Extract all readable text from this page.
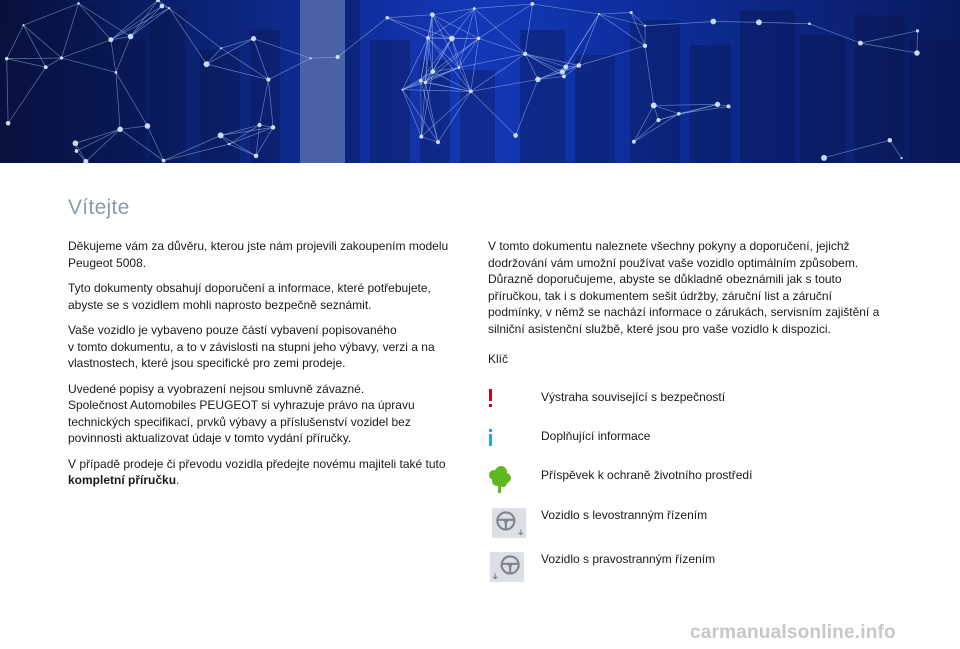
Vítejte

Děkujeme vám za důvěru, kterou jste nám projevili zakoupením modelu Peugeot 5008.

Tyto dokumenty obsahují doporučení a informace, které potřebujete, abyste se s vozidlem mohli naprosto bezpečně seznámit.

Vaše vozidlo je vybaveno pouze částí vybavení popisovaného
v tomto dokumentu, a to v závislosti na stupni jeho výbavy, verzi a na vlastnostech, které jsou specifické pro zemi prodeje.

Uvedené popisy a vyobrazení nejsou smluvně závazné.
Společnost Automobiles PEUGEOT si vyhrazuje právo na úpravu technických specifikací, prvků výbavy a příslušenství vozidel bez povinnosti aktualizovat údaje v tomto vydání příručky.

V případě prodeje či převodu vozidla předejte novému majiteli také tuto kompletní příručku.

V tomto dokumentu naleznete všechny pokyny a doporučení, jejichž dodržování vám umožní používat vaše vozidlo optimálním způsobem. Důrazně doporučujeme, abyste se důkladně obeznámili jak s touto příručkou, tak i s dokumentem sešit údržby, záruční list a záruční podmínky, v němž se nachází informace o zárukách, servisním zajištění a silniční asistenční službě, které jsou pro vaše vozidlo k dispozici.

Klíč
Výstraha související s bezpečností
Doplňující informace
Příspěvek k ochraně životního prostředí
Vozidlo s levostranným řízením
Vozidlo s pravostranným řízením
carmanualsonline.info
